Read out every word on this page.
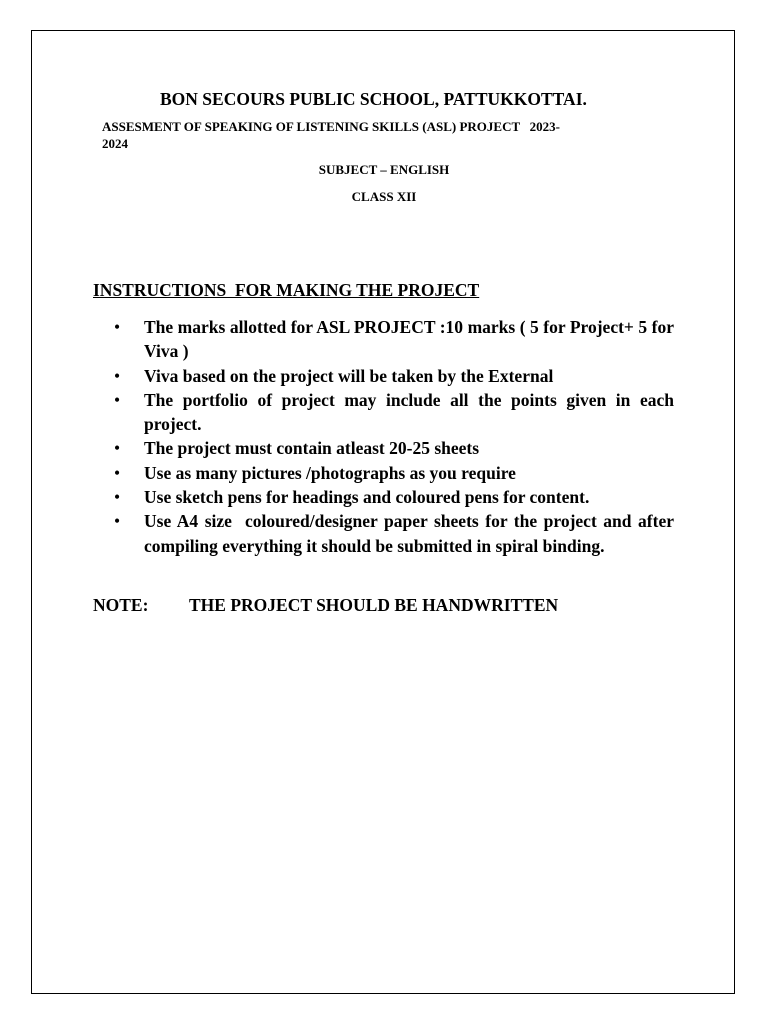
BON SECOURS PUBLIC SCHOOL, PATTUKKOTTAI.

ASSESMENT OF SPEAKING OF LISTENING SKILLS (ASL) PROJECT   2023-
2024

SUBJECT – ENGLISH

CLASS XII

INSTRUCTIONS  FOR MAKING THE PROJECT
• The marks allotted for ASL PROJECT :10 marks ( 5 for Project+ 5 for Viva )
• Viva based on the project will be taken by the External
• The portfolio of project may include all the points given in each project.
• The project must contain atleast 20-25 sheets
• Use as many pictures /photographs as you require
• Use sketch pens for headings and coloured pens for content.
• Use A4 size  coloured/designer paper sheets for the project and after compiling everything it should be submitted in spiral binding.

NOTE: THE PROJECT SHOULD BE HANDWRITTEN
